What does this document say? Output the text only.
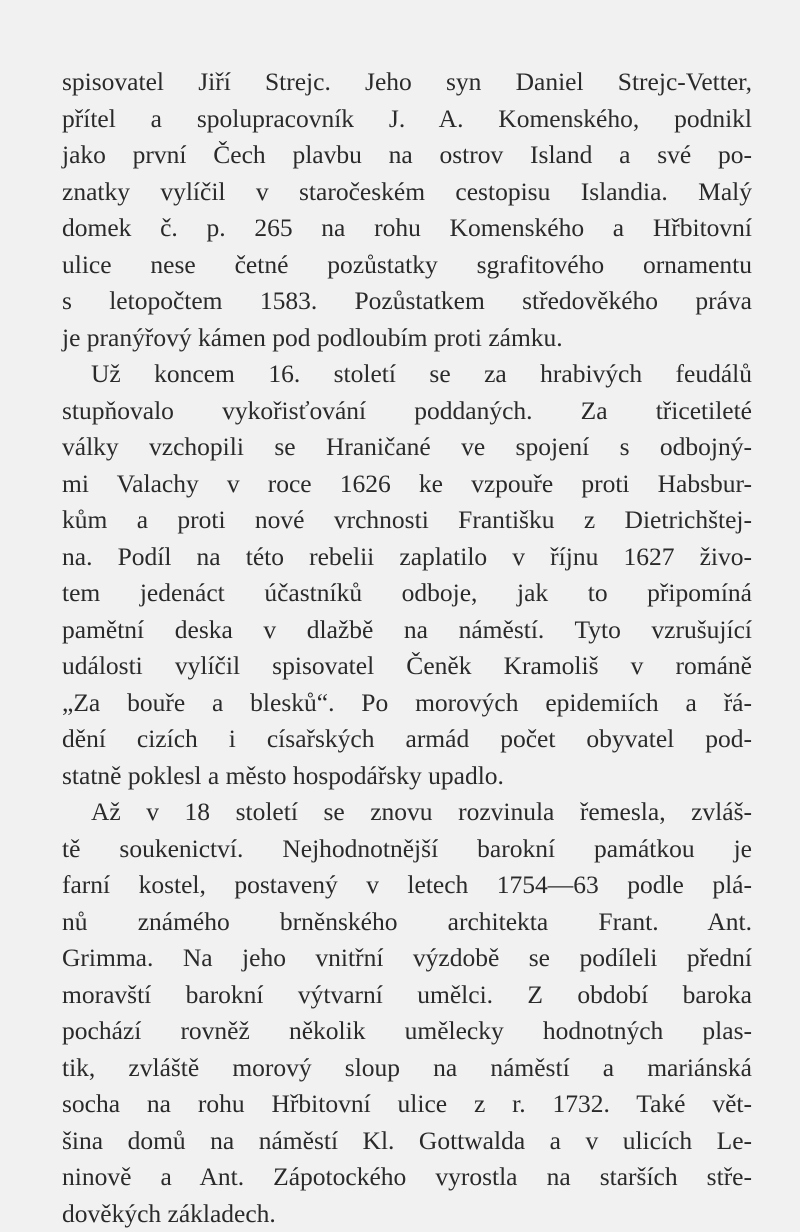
spisovatel Jiří Strejc. Jeho syn Daniel Strejc-Vetter,
přítel a spolupracovník J. A. Komenského, podnikl
jako první Čech plavbu na ostrov Island a své po-
znatky vylíčil v staročeském cestopisu Islandia. Malý
domek č. p. 265 na rohu Komenského a Hřbitovní
ulice nese četné pozůstatky sgrafitového ornamentu
s letopočtem 1583. Pozůstatkem středověkého práva
je pranýřový kámen pod podloubím proti zámku.
Už koncem 16. století se za hrabivých feudálů
stupňovalo vykořisťování poddaných. Za třicetileté
války vzchopili se Hraničané ve spojení s odbojný-
mi Valachy v roce 1626 ke vzpouře proti Habsbur-
kům a proti nové vrchnosti Františku z Dietrichštej-
na. Podíl na této rebelii zaplatilo v říjnu 1627 živo-
tem jedenáct účastníků odboje, jak to připomíná
pamětní deska v dlažbě na náměstí. Tyto vzrušující
události vylíčil spisovatel Čeněk Kramoliš v románě
„Za bouře a blesků“. Po morových epidemiích a řá-
dění cizích i císařských armád počet obyvatel pod-
statně poklesl a město hospodářsky upadlo.
Až v 18 století se znovu rozvinula řemesla, zvláš-
tě soukenictví. Nejhodnotnější barokní památkou je
farní kostel, postavený v letech 1754—63 podle plá-
nů známého brněnského architekta Frant. Ant.
Grimma. Na jeho vnitřní výzdobě se podíleli přední
moravští barokní výtvarní umělci. Z období baroka
pochází rovněž několik umělecky hodnotných plas-
tik, zvláště morový sloup na náměstí a mariánská
socha na rohu Hřbitovní ulice z r. 1732. Také vět-
šina domů na náměstí Kl. Gottwalda a v ulicích Le-
ninově a Ant. Zápotockého vyrostla na starších stře-
dověkých základech.
